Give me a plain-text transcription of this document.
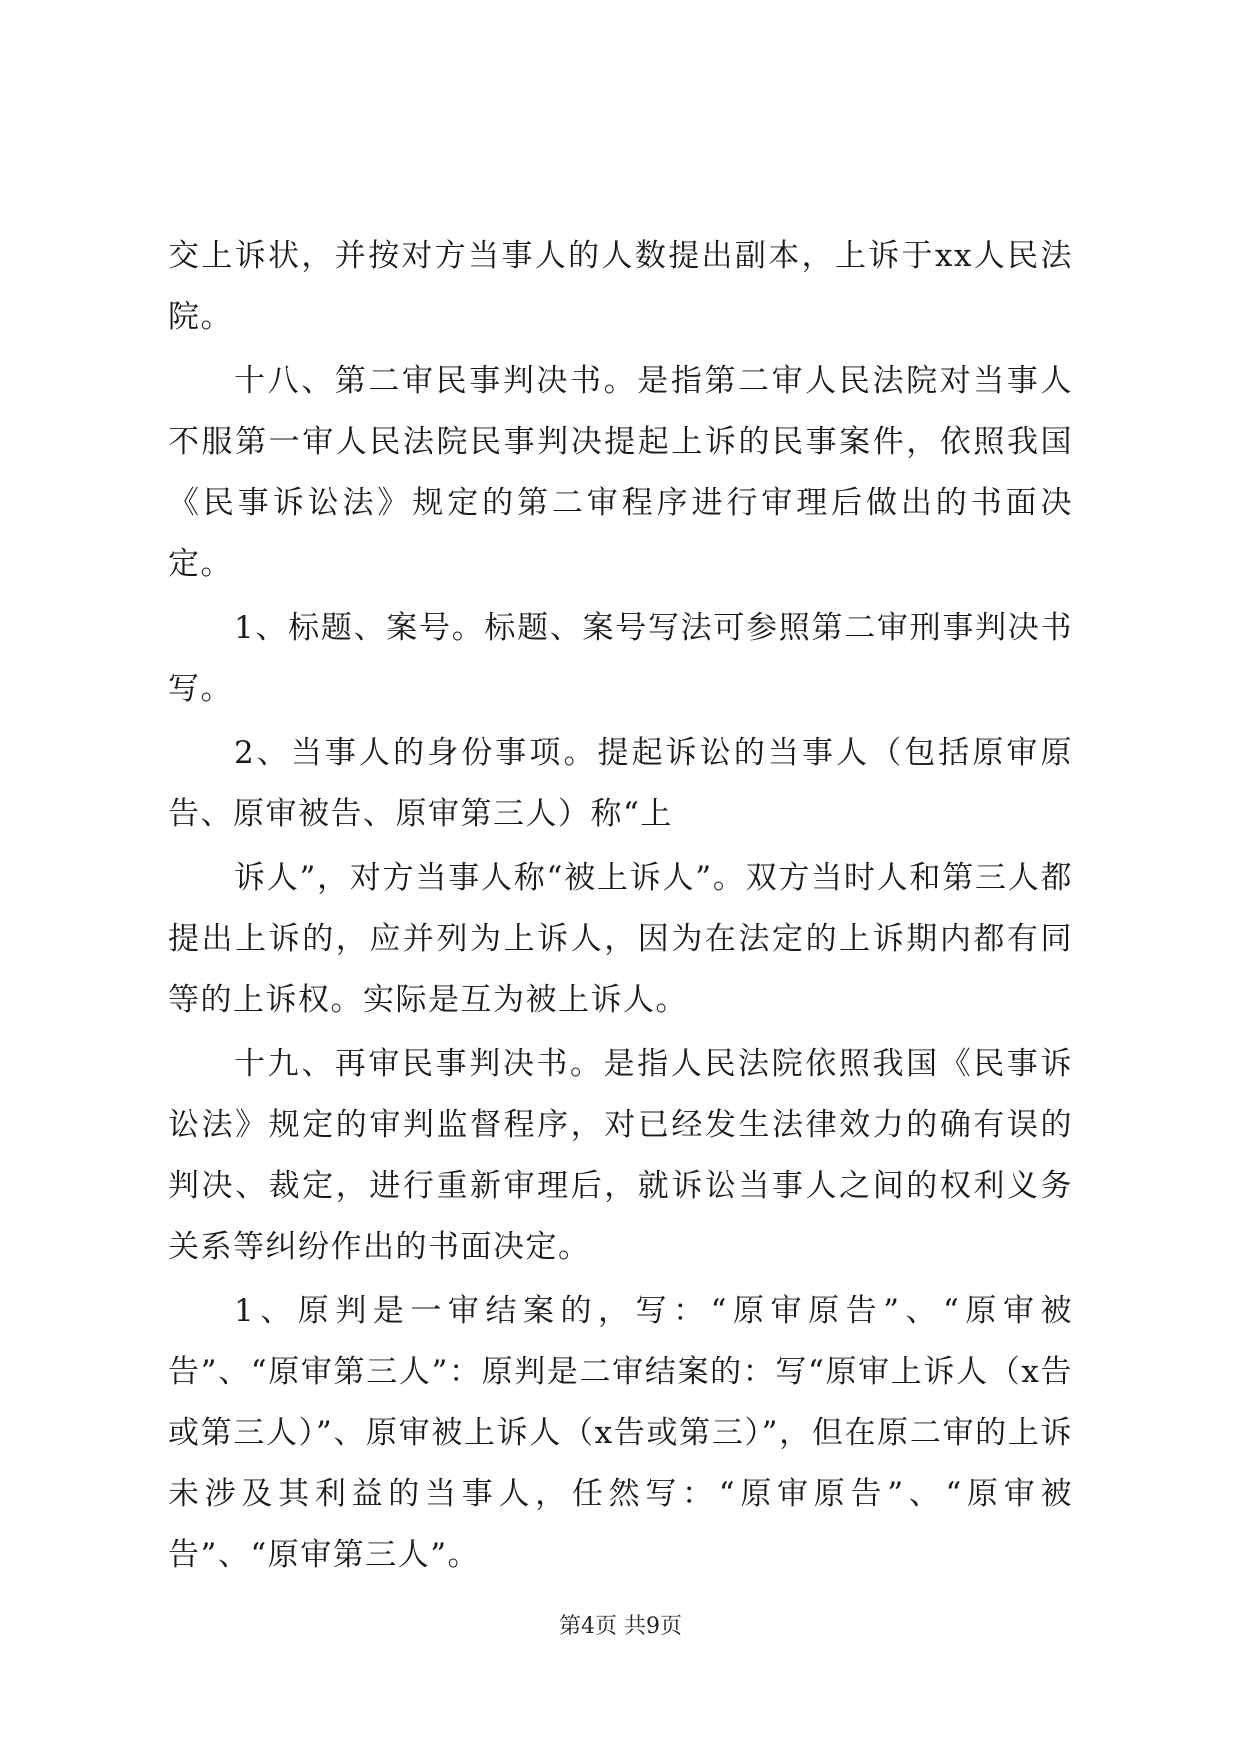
交上诉状，并按对方当事人的人数提出副本，上诉于xx人民法院。

十八、第二审民事判决书。是指第二审人民法院对当事人不服第一审人民法院民事判决提起上诉的民事案件，依照我国《民事诉讼法》规定的第二审程序进行审理后做出的书面决定。

1、标题、案号。标题、案号写法可参照第二审刑事判决书写。

2、当事人的身份事项。提起诉讼的当事人（包括原审原告、原审被告、原审第三人）称“上

诉人”，对方当事人称“被上诉人”。双方当时人和第三人都提出上诉的，应并列为上诉人，因为在法定的上诉期内都有同等的上诉权。实际是互为被上诉人。

十九、再审民事判决书。是指人民法院依照我国《民事诉讼法》规定的审判监督程序，对已经发生法律效力的确有误的判决、裁定，进行重新审理后，就诉讼当事人之间的权利义务关系等纠纷作出的书面决定。

1、原判是一审结案的，写：“原审原告”、“原审被告”、“原审第三人”：原判是二审结案的：写“原审上诉人（x告或第三人）”、原审被上诉人（x告或第三）”，但在原二审的上诉未涉及其利益的当事人，任然写：“原审原告”、“原审被告”、“原审第三人”。

第4页 共9页
